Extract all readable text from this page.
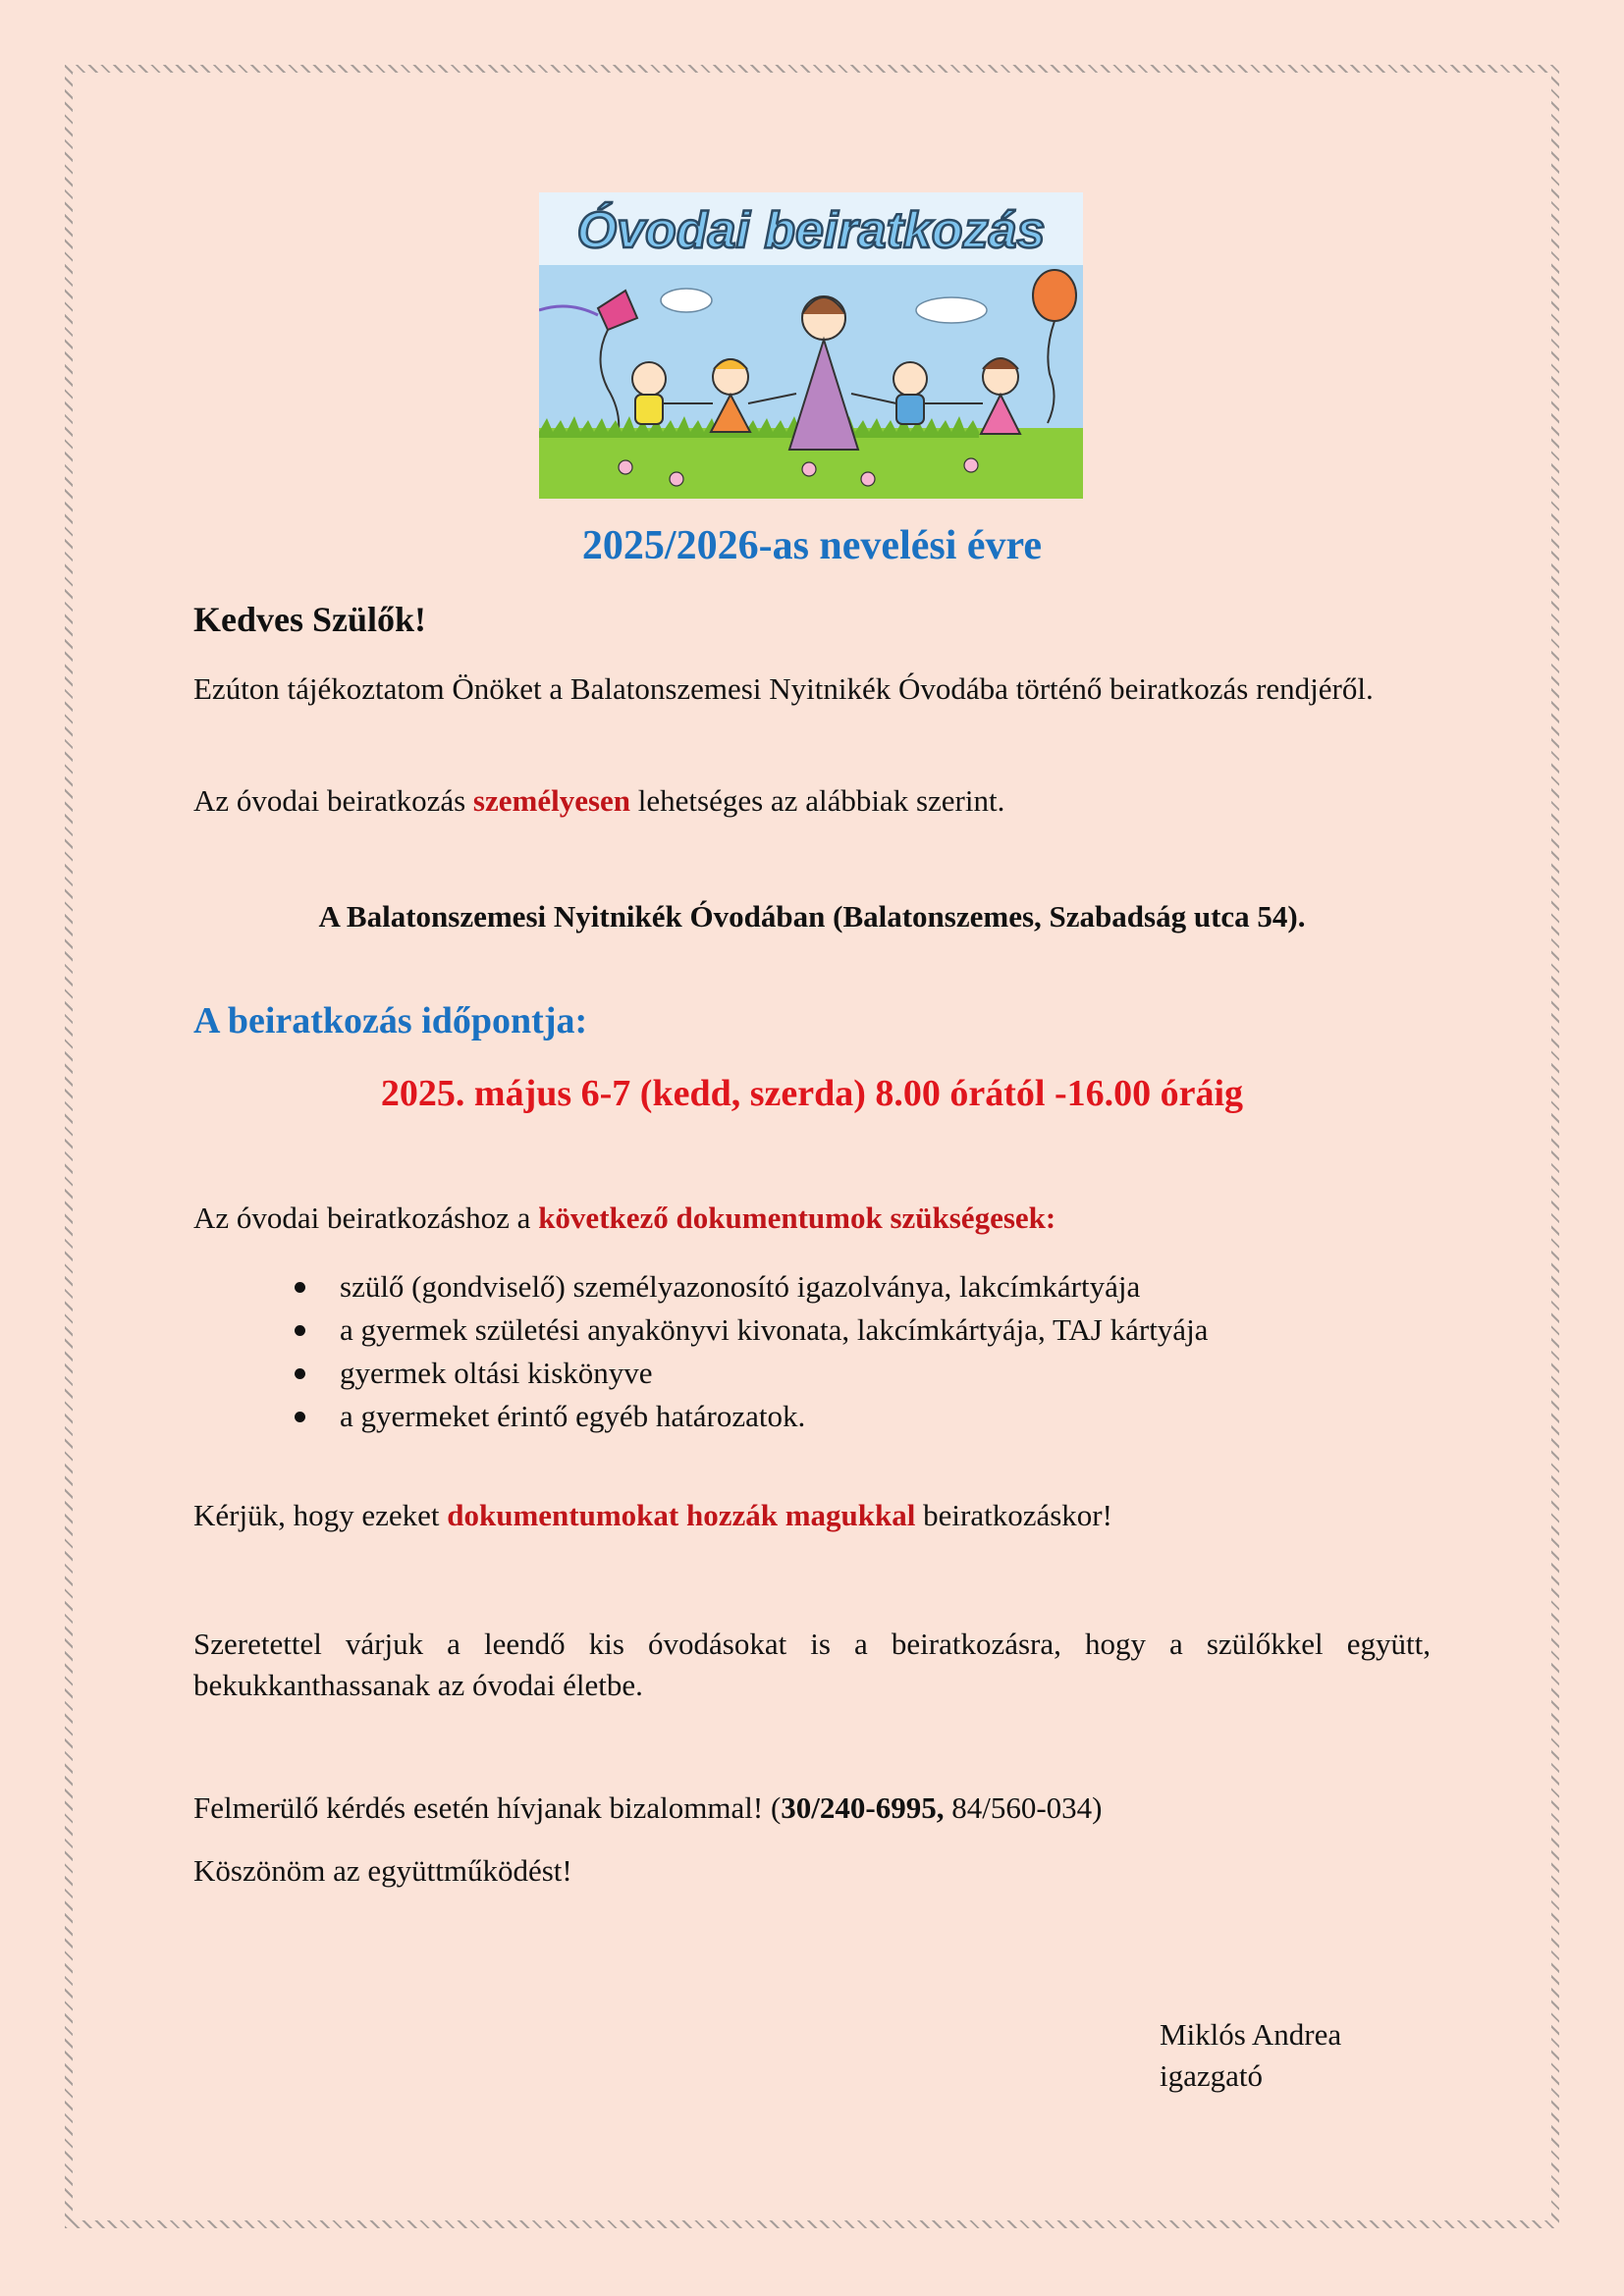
Óvodai beiratkozás
2025/2026-as nevelési évre
Kedves Szülők!
Ezúton tájékoztatom Önöket a Balatonszemesi Nyitnikék Óvodába történő beiratkozás rendjéről.
Az óvodai beiratkozás személyesen lehetséges az alábbiak szerint.
A Balatonszemesi Nyitnikék Óvodában (Balatonszemes, Szabadság utca 54).
A beiratkozás időpontja:
2025. május 6-7 (kedd, szerda) 8.00 órától -16.00 óráig
Az óvodai beiratkozáshoz a következő dokumentumok szükségesek:
szülő (gondviselő) személyazonosító igazolványa, lakcímkártyája
a gyermek születési anyakönyvi kivonata, lakcímkártyája, TAJ kártyája
gyermek oltási kiskönyve
a gyermeket érintő egyéb határozatok.
Kérjük, hogy ezeket dokumentumokat hozzák magukkal beiratkozáskor!
Szeretettel várjuk a leendő kis óvodásokat is a beiratkozásra, hogy a szülőkkel együtt, bekukkanthassanak az óvodai életbe.
Felmerülő kérdés esetén hívjanak bizalommal! (30/240-6995, 84/560-034)
Köszönöm az együttműködést!
Miklós Andrea
igazgató
